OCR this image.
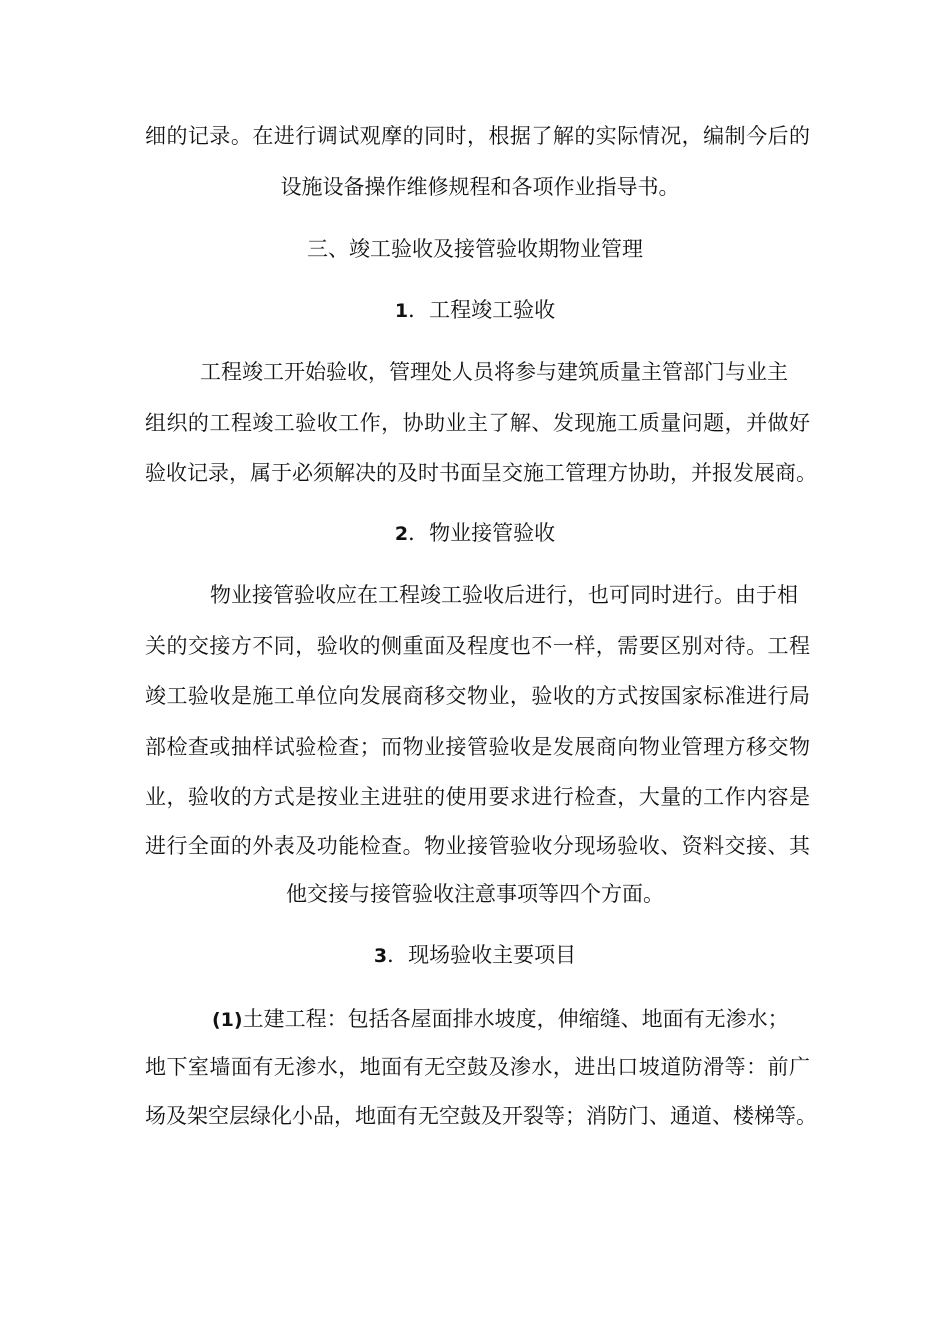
细的记录。在进行调试观摩的同时，根据了解的实际情况，编制今后的
设施设备操作维修规程和各项作业指导书。
三、竣工验收及接管验收期物业管理
1．工程竣工验收
工程竣工开始验收，管理处人员将参与建筑质量主管部门与业主
组织的工程竣工验收工作，协助业主了解、发现施工质量问题，并做好
验收记录，属于必须解决的及时书面呈交施工管理方协助，并报发展商。
2．物业接管验收
物业接管验收应在工程竣工验收后进行，也可同时进行。由于相
关的交接方不同，验收的侧重面及程度也不一样，需要区别对待。工程
竣工验收是施工单位向发展商移交物业，验收的方式按国家标准进行局
部检查或抽样试验检查；而物业接管验收是发展商向物业管理方移交物
业，验收的方式是按业主进驻的使用要求进行检查，大量的工作内容是
进行全面的外表及功能检查。物业接管验收分现场验收、资料交接、其
他交接与接管验收注意事项等四个方面。
3．现场验收主要项目
(1)土建工程：包括各屋面排水坡度，伸缩缝、地面有无渗水；
地下室墙面有无渗水，地面有无空鼓及渗水，进出口坡道防滑等：前广
场及架空层绿化小品，地面有无空鼓及开裂等；消防门、通道、楼梯等。
